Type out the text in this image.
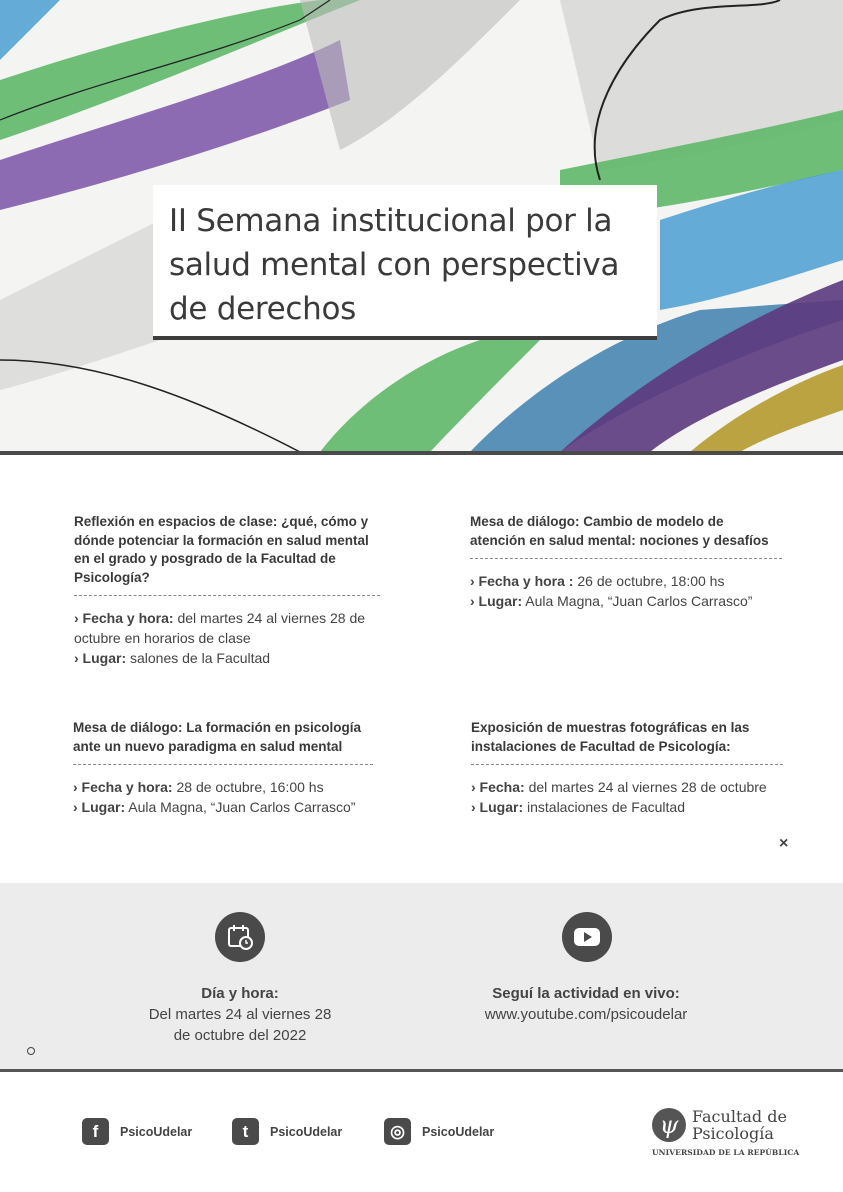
II Semana institucional por la salud mental con perspectiva de derechos
Reflexión en espacios de clase: ¿qué, cómo y dónde potenciar la formación en salud mental en el grado y posgrado de la Facultad de Psicología?

› Fecha y hora: del martes 24 al viernes 28 de octubre en horarios de clase

› Lugar: salones de la Facultad

Mesa de diálogo: Cambio de modelo de atención en salud mental: nociones y desafíos

› Fecha y hora : 26 de octubre, 18:00 hs

› Lugar: Aula Magna, “Juan Carlos Carrasco”

Mesa de diálogo: La formación en psicología ante un nuevo paradigma en salud mental

› Fecha y hora: 28 de octubre, 16:00 hs

› Lugar: Aula Magna, “Juan Carlos Carrasco”

Exposición de muestras fotográficas en las instalaciones de Facultad de Psicología:

› Fecha: del martes 24 al viernes 28 de octubre

› Lugar: instalaciones de Facultad

×
Día y hora:
Del martes 24 al viernes 28
de octubre del 2022
Seguí la actividad en vivo:
www.youtube.com/psicoudelar
f	PsicoUdelar	t	PsicoUdelar	◎	PsicoUdelar	ψ Facultad de
Psicología
UNIVERSIDAD DE LA REPÚBLICA
